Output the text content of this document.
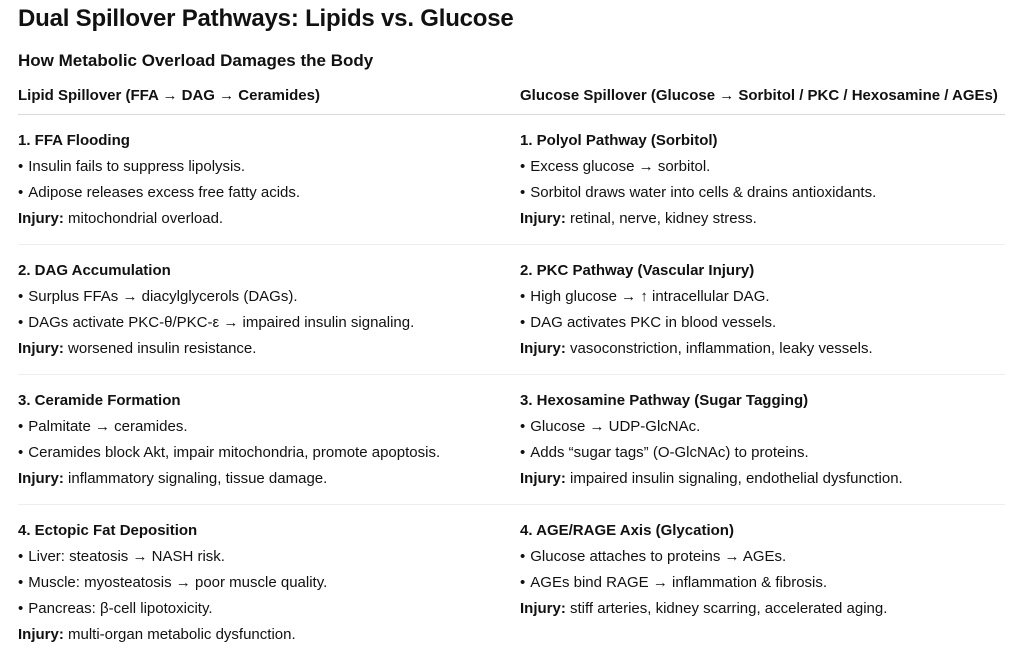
Dual Spillover Pathways: Lipids vs. Glucose
How Metabolic Overload Damages the Body
Lipid Spillover (FFA → DAG → Ceramides)	Glucose Spillover (Glucose → Sorbitol / PKC / Hexosamine / AGEs)
1. FFA Flooding
• Insulin fails to suppress lipolysis.
• Adipose releases excess free fatty acids.
Injury: mitochondrial overload.
1. Polyol Pathway (Sorbitol)
• Excess glucose → sorbitol.
• Sorbitol draws water into cells & drains antioxidants.
Injury: retinal, nerve, kidney stress.
2. DAG Accumulation
• Surplus FFAs → diacylglycerols (DAGs).
• DAGs activate PKC-θ/PKC-ε → impaired insulin signaling.
Injury: worsened insulin resistance.
2. PKC Pathway (Vascular Injury)
• High glucose → ↑ intracellular DAG.
• DAG activates PKC in blood vessels.
Injury: vasoconstriction, inflammation, leaky vessels.
3. Ceramide Formation
• Palmitate → ceramides.
• Ceramides block Akt, impair mitochondria, promote apoptosis.
Injury: inflammatory signaling, tissue damage.
3. Hexosamine Pathway (Sugar Tagging)
• Glucose → UDP-GlcNAc.
• Adds “sugar tags” (O-GlcNAc) to proteins.
Injury: impaired insulin signaling, endothelial dysfunction.
4. Ectopic Fat Deposition
• Liver: steatosis → NASH risk.
• Muscle: myosteatosis → poor muscle quality.
• Pancreas: β-cell lipotoxicity.
Injury: multi-organ metabolic dysfunction.
4. AGE/RAGE Axis (Glycation)
• Glucose attaches to proteins → AGEs.
• AGEs bind RAGE → inflammation & fibrosis.
Injury: stiff arteries, kidney scarring, accelerated aging.
